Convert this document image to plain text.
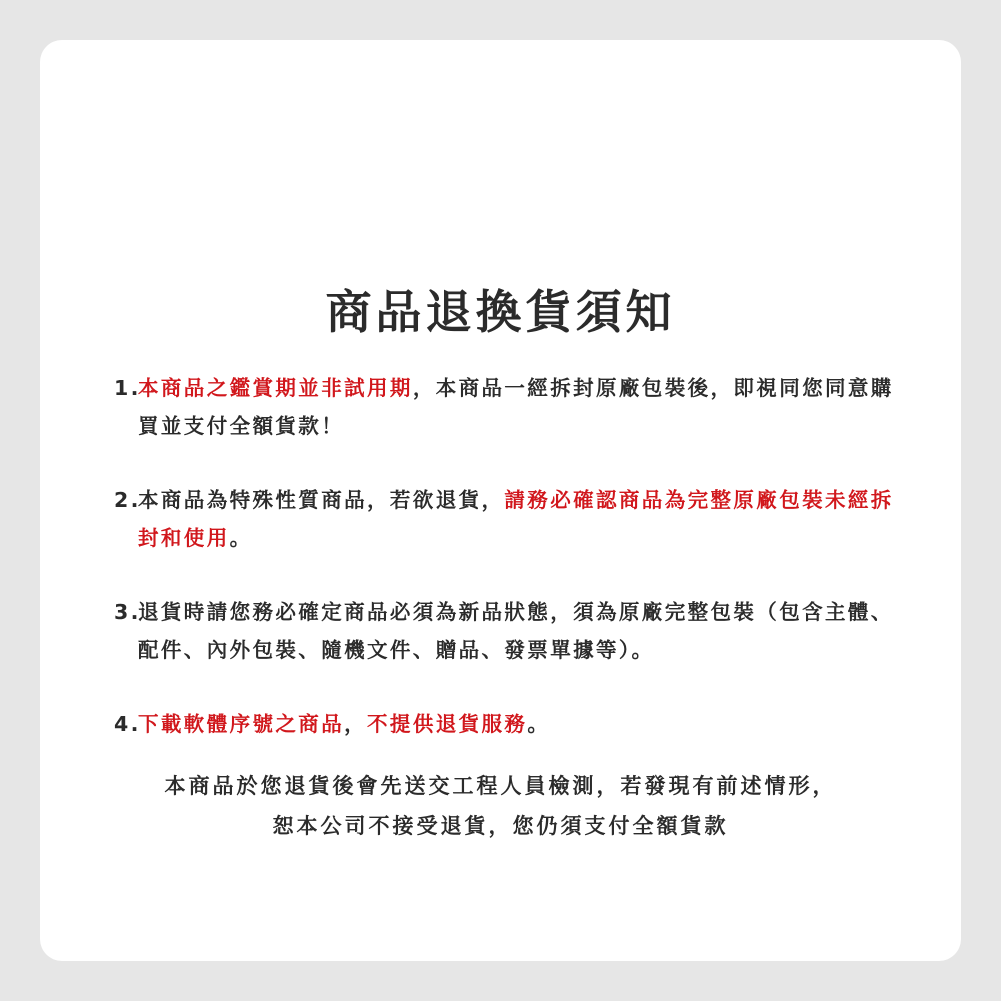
商品退換貨須知
1.
本商品之鑑賞期並非試用期，本商品一經拆封原廠包裝後，即視同您同意購買並支付全額貨款！
2.
本商品為特殊性質商品，若欲退貨，請務必確認商品為完整原廠包裝未經拆封和使用。
3.
退貨時請您務必確定商品必須為新品狀態，須為原廠完整包裝（包含主體、配件、內外包裝、隨機文件、贈品、發票單據等）。
4.
下載軟體序號之商品，不提供退貨服務。

本商品於您退貨後會先送交工程人員檢測，若發現有前述情形，
恕本公司不接受退貨，您仍須支付全額貨款
